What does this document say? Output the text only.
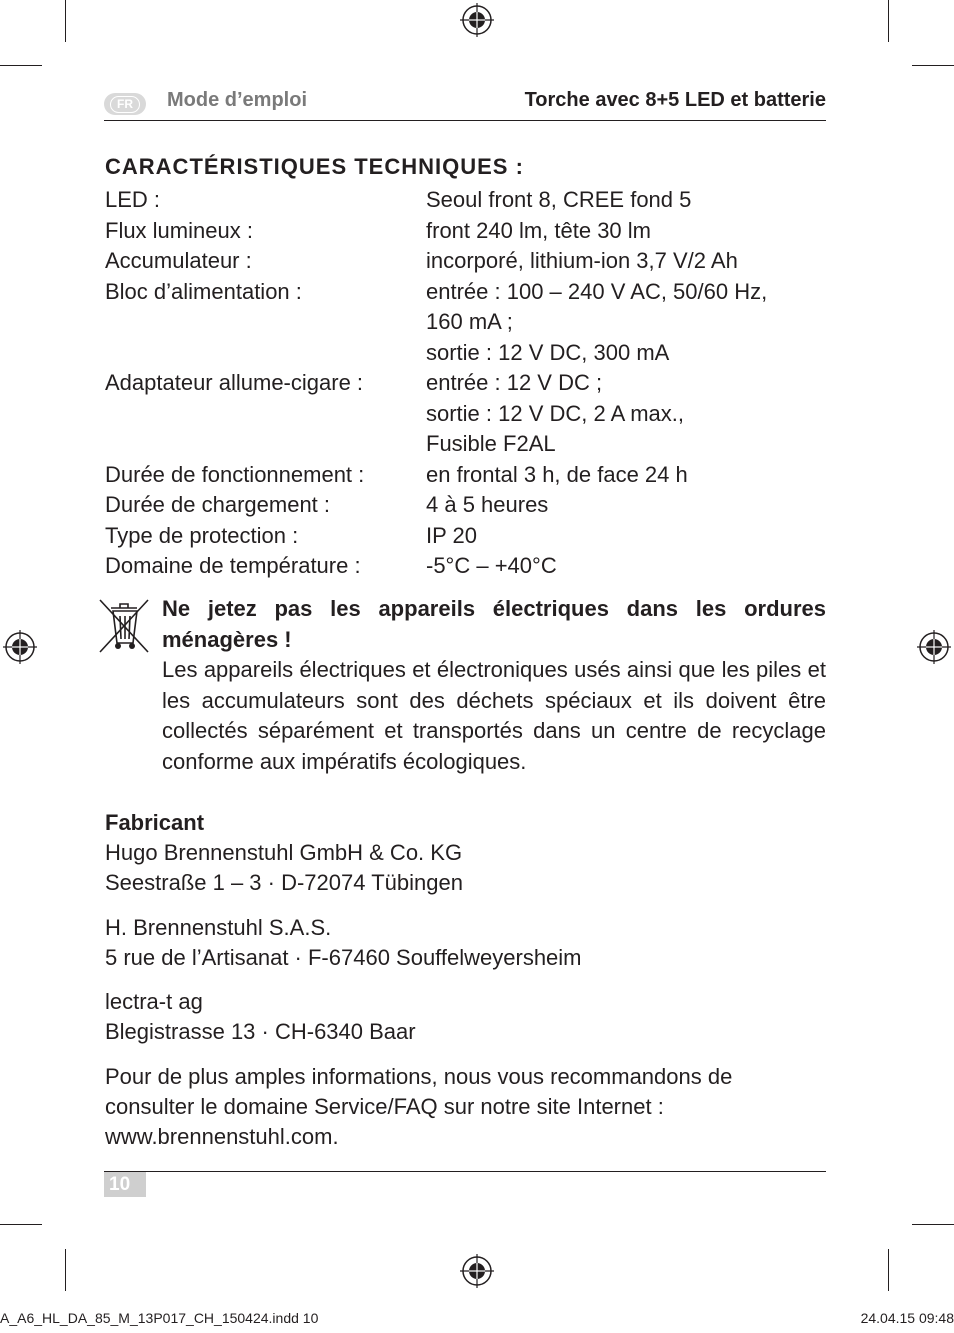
FR	Mode d’emploi	Torche avec 8+5 LED et batterie
CARACTÉRISTIQUES TECHNIQUES :
LED :	Seoul front 8, CREE fond 5
Flux lumineux :	front 240 lm, tête 30 lm
Accumulateur :	incorporé, lithium-ion 3,7 V/2 Ah
Bloc d’alimentation :	entrée : 100 – 240 V AC, 50/60 Hz,
160 mA ;
sortie : 12 V DC, 300 mA
Adaptateur allume-cigare :	entrée : 12 V DC ;
sortie : 12 V DC, 2 A max.,
Fusible F2AL
Durée de fonctionnement :	en frontal 3 h, de face 24 h
Durée de chargement :	4 à 5 heures
Type de protection :	IP 20
Domaine de température :	-5°C – +40°C
Ne jetez pas les appareils électriques dans les ordures ménagères !
Les appareils électriques et électroniques usés ainsi que les piles et les accumulateurs sont des déchets spéciaux et ils doivent être collectés séparément et transportés dans un centre de recyclage conforme aux impératifs écologiques.
Fabricant
Hugo Brennenstuhl GmbH & Co. KG
Seestraße 1 – 3 · D-72074 Tübingen
H. Brennenstuhl S.A.S.
5 rue de l’Artisanat · F-67460 Souffelweyersheim
lectra-t ag
Blegistrasse 13 · CH-6340 Baar
Pour de plus amples informations, nous vous recommandons de
consulter le domaine Service/FAQ sur notre site Internet :
www.brennenstuhl.com.
10
A_A6_HL_DA_85_M_13P017_CH_150424.indd 10	24.04.15 09:48
